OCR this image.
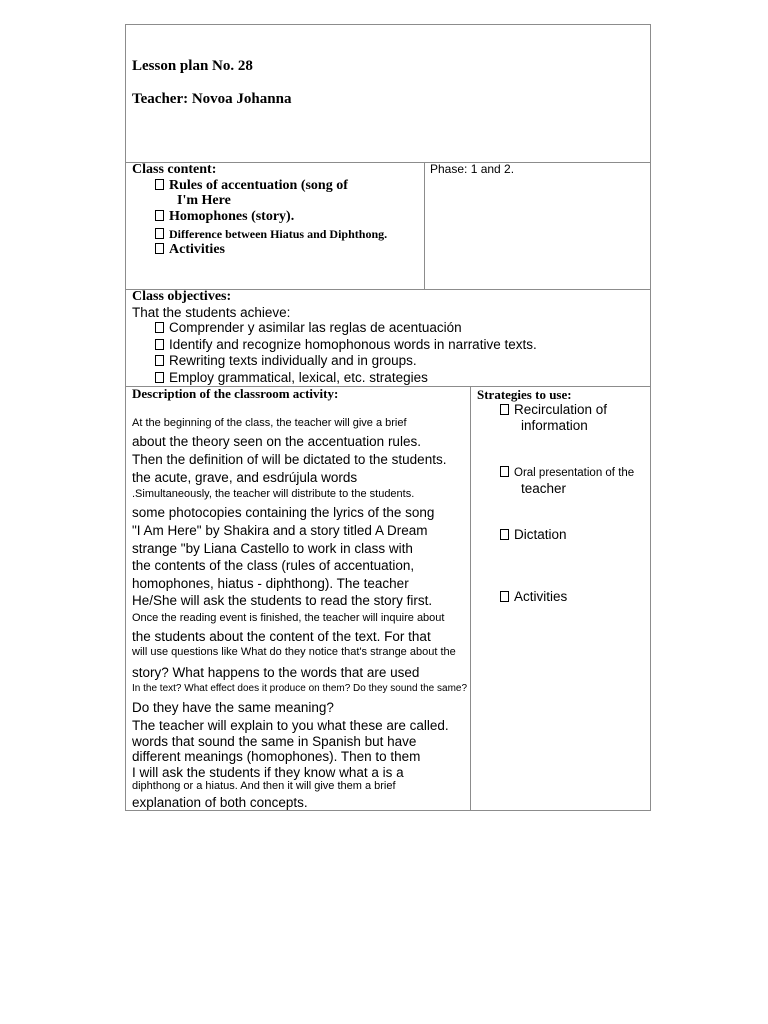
Lesson plan No. 28
Teacher: Novoa Johanna
Class content:
Rules of accentuation (song of
I'm Here
Homophones (story).
Difference between Hiatus and Diphthong.
Activities
Phase: 1 and 2.
Class objectives:
That the students achieve:
Comprender y asimilar las reglas de acentuación
Identify and recognize homophonous words in narrative texts.
Rewriting texts individually and in groups.
Employ grammatical, lexical, etc. strategies
Description of the classroom activity:
At the beginning of the class, the teacher will give a brief
about the theory seen on the accentuation rules.
Then the definition of will be dictated to the students.
the acute, grave, and esdrújula words
.Simultaneously, the teacher will distribute to the students.
some photocopies containing the lyrics of the song
"I Am Here" by Shakira and a story titled A Dream
strange "by Liana Castello to work in class with
the contents of the class (rules of accentuation,
homophones, hiatus - diphthong). The teacher
He/She will ask the students to read the story first.
Once the reading event is finished, the teacher will inquire about
the students about the content of the text. For that
will use questions like What do they notice that's strange about the
story? What happens to the words that are used
In the text? What effect does it produce on them? Do they sound the same?
Do they have the same meaning?
The teacher will explain to you what these are called.
words that sound the same in Spanish but have
different meanings (homophones). Then to them
I will ask the students if they know what a is a
diphthong or a hiatus. And then it will give them a brief
explanation of both concepts.
Strategies to use:
Recirculation of
information
Oral presentation of the
teacher
Dictation
Activities
